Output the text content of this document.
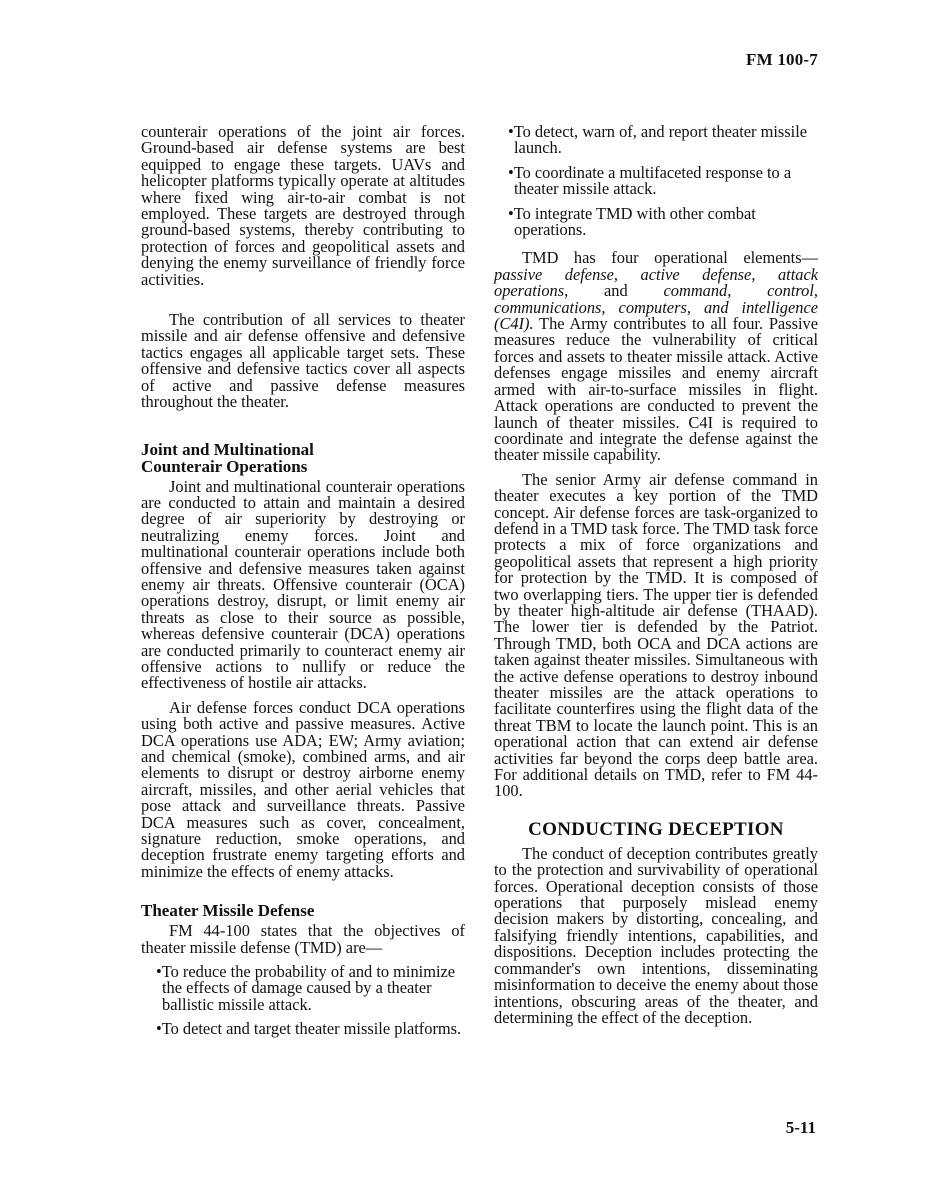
FM 100-7

counterair operations of the joint air forces. Ground-based air defense systems are best equipped to engage these targets. UAVs and helicopter platforms typically operate at altitudes where fixed wing air-to-air combat is not employed. These targets are destroyed through ground-based systems, thereby contributing to protection of forces and geopolitical assets and denying the enemy surveillance of friendly force activities.

The contribution of all services to theater missile and air defense offensive and defensive tactics engages all applicable target sets. These offensive and defensive tactics cover all aspects of active and passive defense measures throughout the theater.

Joint and Multinational
Counterair Operations

Joint and multinational counterair operations are conducted to attain and maintain a desired degree of air superiority by destroying or neutralizing enemy forces. Joint and multinational counterair operations include both offensive and defensive measures taken against enemy air threats. Offensive counterair (OCA) operations destroy, disrupt, or limit enemy air threats as close to their source as possible, whereas defensive counterair (DCA) operations are conducted primarily to counteract enemy air offensive actions to nullify or reduce the effectiveness of hostile air attacks.

Air defense forces conduct DCA operations using both active and passive measures. Active DCA operations use ADA; EW; Army aviation; and chemical (smoke), combined arms, and air elements to disrupt or destroy airborne enemy aircraft, missiles, and other aerial vehicles that pose attack and surveillance threats. Passive DCA measures such as cover, concealment, signature reduction, smoke operations, and deception frustrate enemy targeting efforts and minimize the effects of enemy attacks.

Theater Missile Defense

FM 44-100 states that the objectives of theater missile defense (TMD) are—

•To reduce the probability of and to minimize the effects of damage caused by a theater ballistic missile attack.

•To detect and target theater missile platforms.

•To detect, warn of, and report theater missile launch.

•To coordinate a multifaceted response to a theater missile attack.

•To integrate TMD with other combat operations.

TMD has four operational elements—passive defense, active defense, attack operations, and command, control, communications, computers, and intelligence (C4I). The Army contributes to all four. Passive measures reduce the vulnerability of critical forces and assets to theater missile attack. Active defenses engage missiles and enemy aircraft armed with air-to-surface missiles in flight. Attack operations are conducted to prevent the launch of theater missiles. C4I is required to coordinate and integrate the defense against the theater missile capability.

The senior Army air defense command in theater executes a key portion of the TMD concept. Air defense forces are task-organized to defend in a TMD task force. The TMD task force protects a mix of force organizations and geopolitical assets that represent a high priority for protection by the TMD. It is composed of two overlapping tiers. The upper tier is defended by theater high-altitude air defense (THAAD). The lower tier is defended by the Patriot. Through TMD, both OCA and DCA actions are taken against theater missiles. Simultaneous with the active defense operations to destroy inbound theater missiles are the attack operations to facilitate counterfires using the flight data of the threat TBM to locate the launch point. This is an operational action that can extend air defense activities far beyond the corps deep battle area. For additional details on TMD, refer to FM 44-100.

CONDUCTING DECEPTION

The conduct of deception contributes greatly to the protection and survivability of operational forces. Operational deception consists of those operations that purposely mislead enemy decision makers by distorting, concealing, and falsifying friendly intentions, capabilities, and dispositions. Deception includes protecting the commander's own intentions, disseminating misinformation to deceive the enemy about those intentions, obscuring areas of the theater, and determining the effect of the deception.

5-11
